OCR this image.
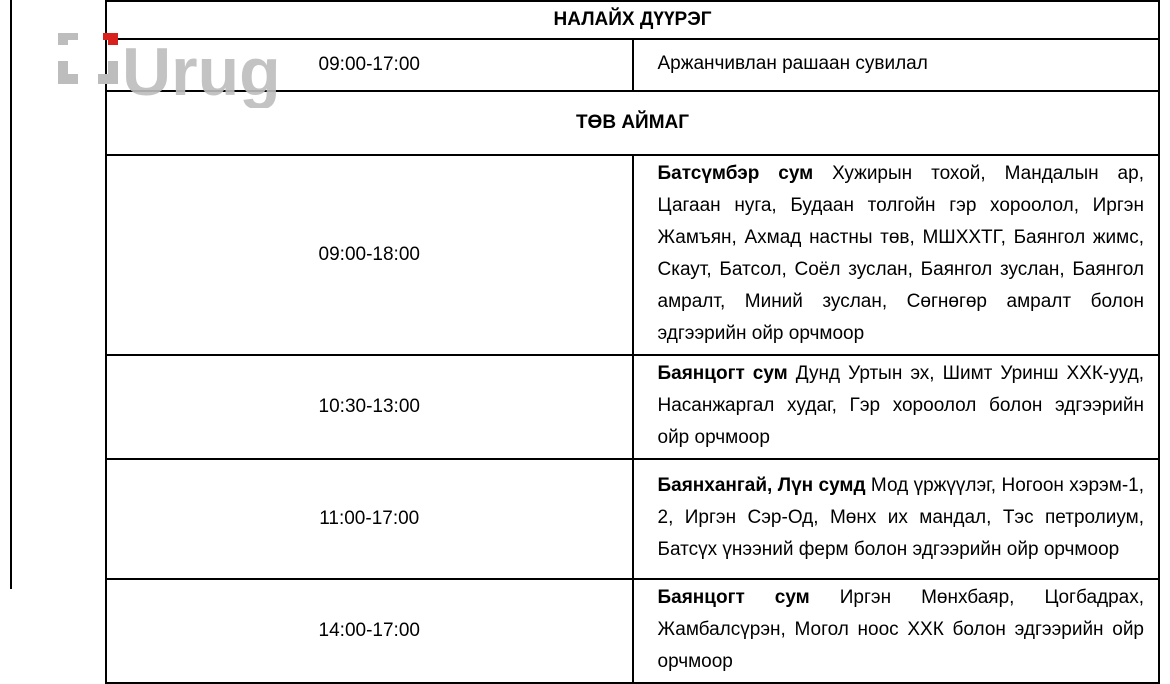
НАЛАЙХ ДҮҮРЭГ	
09:00-17:00	Аржанчивлан рашаан сувилал
ТӨВ АЙМАГ	
09:00-18:00	Батсүмбэр сум Хужирын тохой, Мандалын ар, Цагаан нуга, Будаан толгойн гэр хороолол, Иргэн Жамъян, Ахмад настны төв, МШХХТГ, Баянгол жимс, Скаут, Батсол, Соёл зуслан, Баянгол зуслан, Баянгол амралт, Миний зуслан, Сөгнөгөр амралт болон эдгээрийн ойр орчмоор
10:30-13:00	Баянцогт сум Дунд Уртын эх, Шимт Уринш ХХК-ууд, Насанжаргал худаг, Гэр хороолол болон эдгээрийн ойр орчмоор
11:00-17:00	Баянхангай, Лүн сумд Мод үржүүлэг, Ногоон хэрэм-1, 2, Иргэн Сэр-Од, Мөнх их мандал, Тэс петролиум, Батсүх үнээний ферм болон эдгээрийн ойр орчмоор
14:00-17:00	Баянцогт сум Иргэн Мөнхбаяр, Цогбадрах, Жамбалсүрэн, Могол ноос ХХК болон эдгээрийн ойр орчмоор
Urug
